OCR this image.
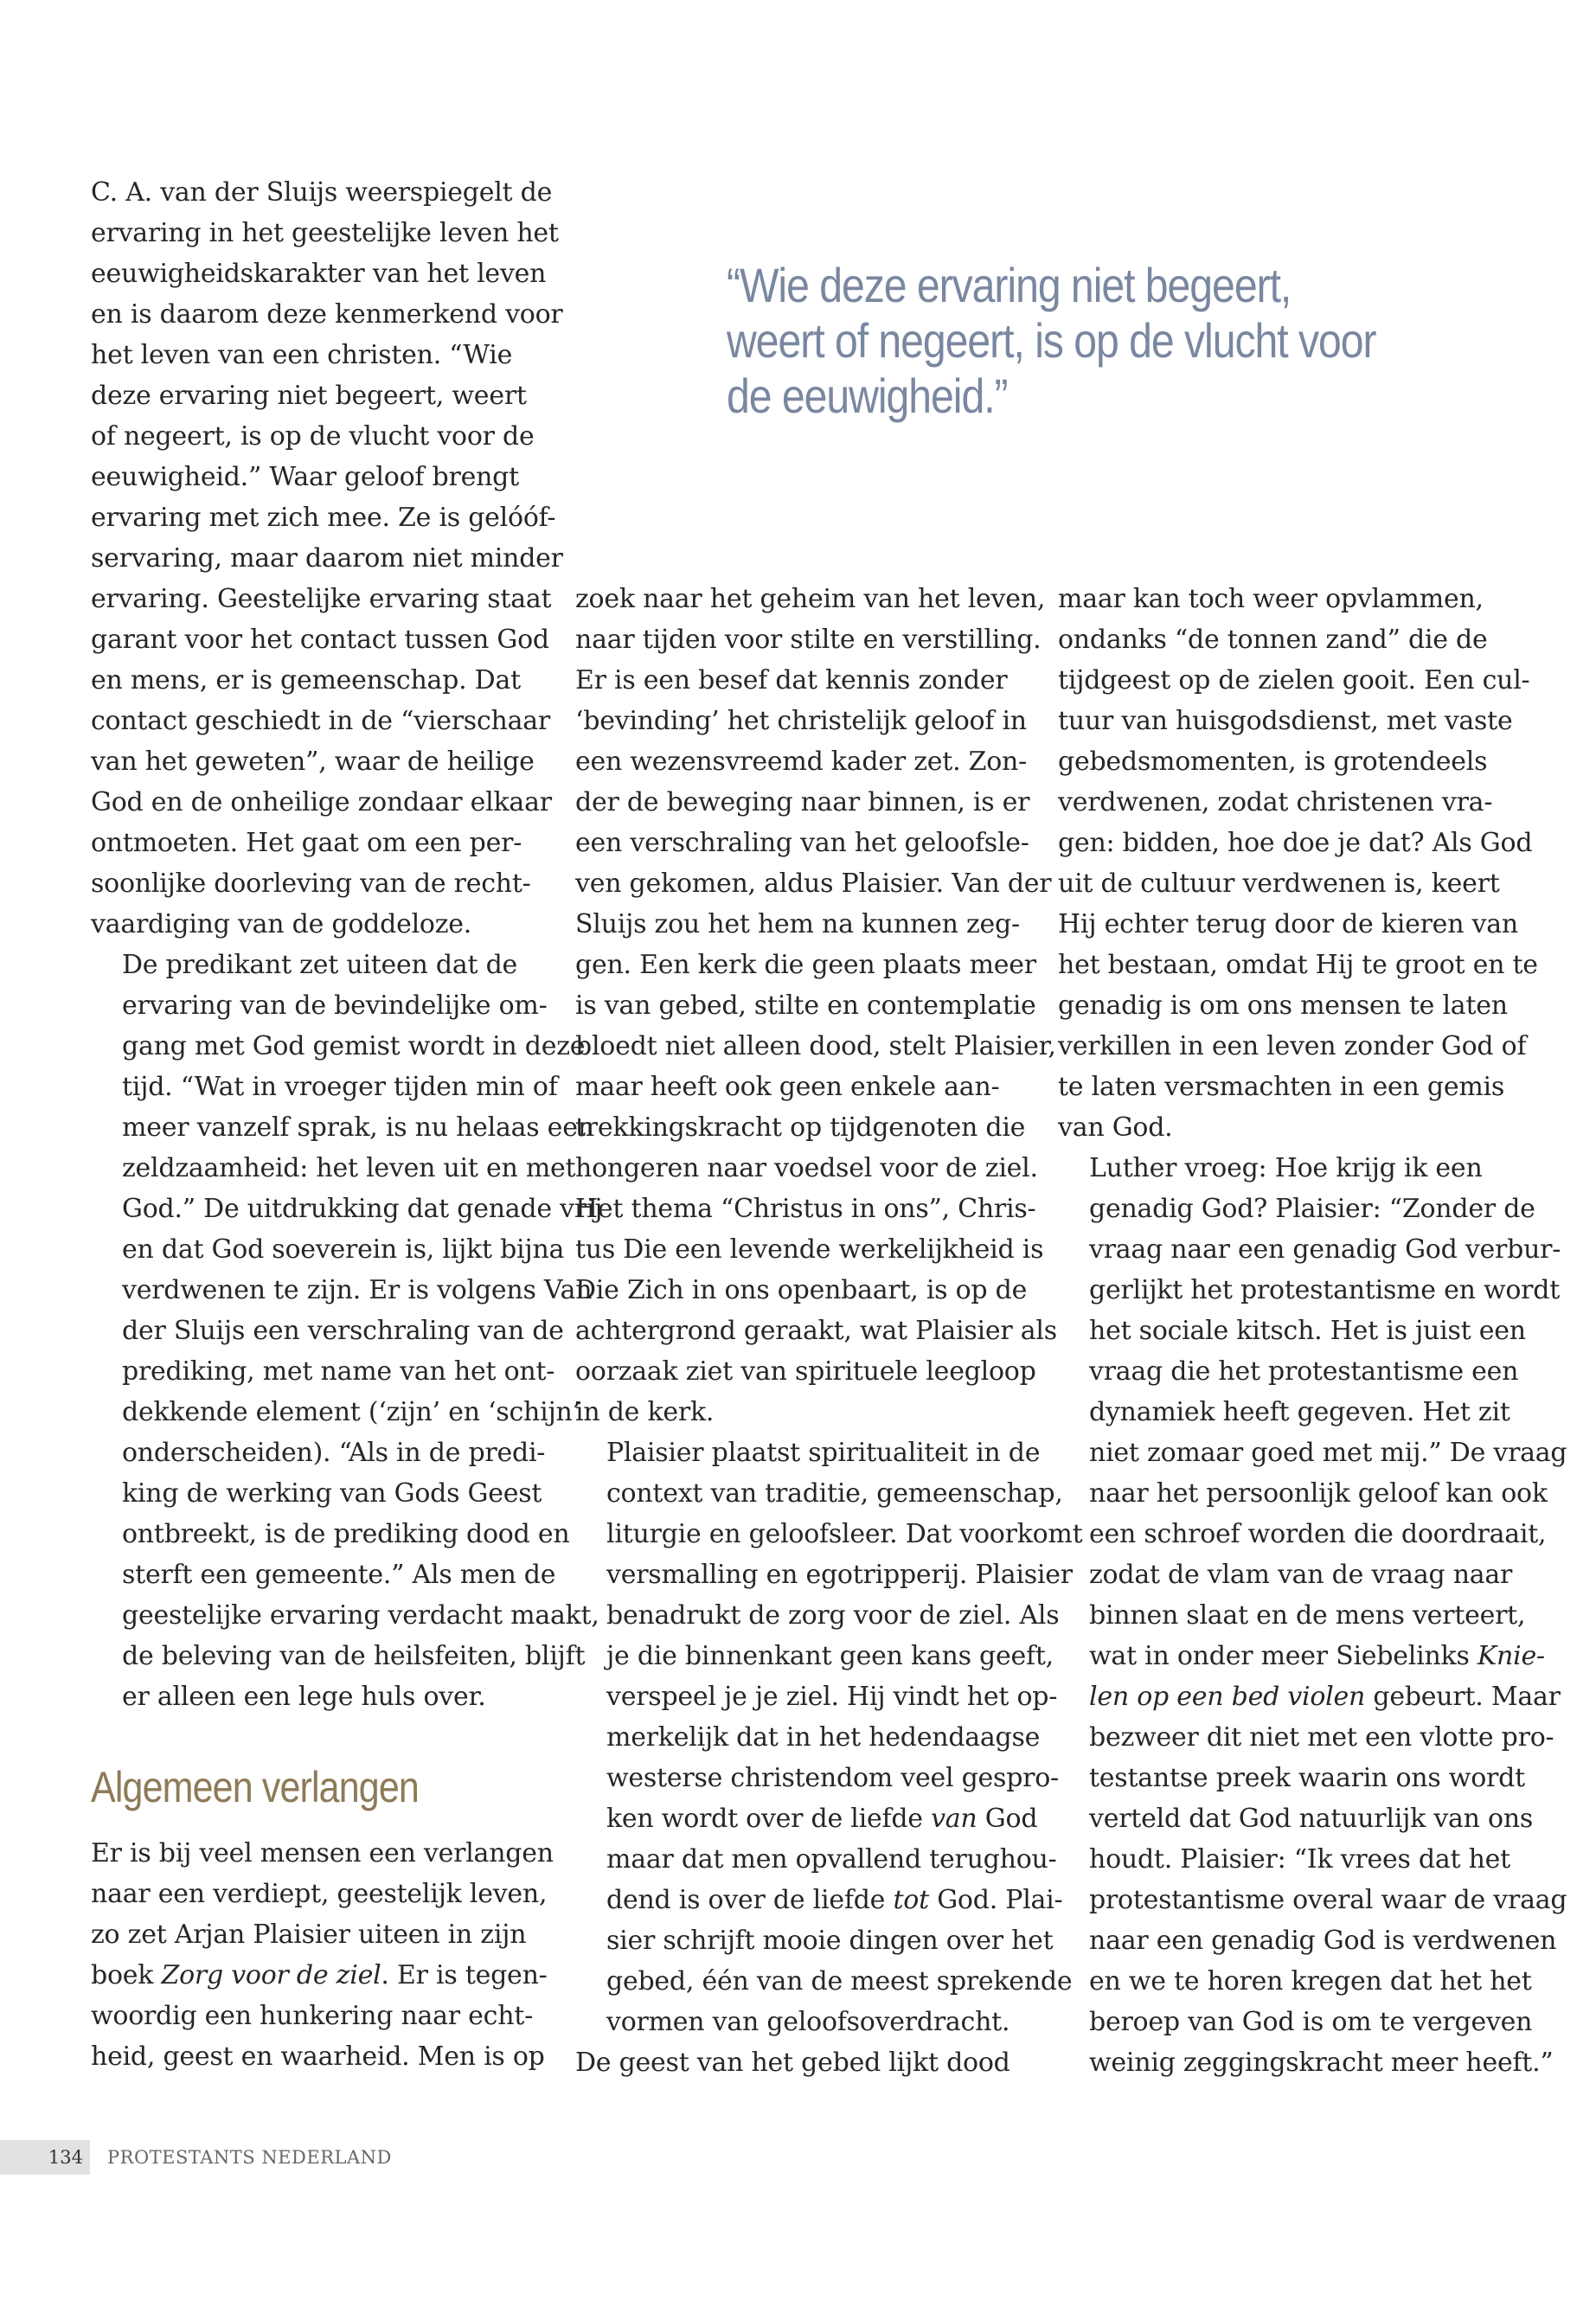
“Wie deze ervaring niet begeert,
weert of negeert, is op de vlucht voor
de eeuwigheid.”

C. A. van der Sluijs weerspiegelt de
ervaring in het geestelijke leven het
eeuwigheidskarakter van het leven
en is daarom deze kenmerkend voor
het leven van een christen. “Wie
deze ervaring niet begeert, weert
of negeert, is op de vlucht voor de
eeuwigheid.” Waar geloof brengt
ervaring met zich mee. Ze is gelóóf-
servaring, maar daarom niet minder
ervaring. Geestelijke ervaring staat
garant voor het contact tussen God
en mens, er is gemeenschap. Dat
contact geschiedt in de “vierschaar
van het geweten”, waar de heilige
God en de onheilige zondaar elkaar
ontmoeten. Het gaat om een per-
soonlijke doorleving van de recht-
vaardiging van de goddeloze.

De predikant zet uiteen dat de
ervaring van de bevindelijke om-
gang met God gemist wordt in deze
tijd. “Wat in vroeger tijden min of
meer vanzelf sprak, is nu helaas een
zeldzaamheid: het leven uit en met
God.” De uitdrukking dat genade vrij
en dat God soeverein is, lijkt bijna
verdwenen te zijn. Er is volgens Van
der Sluijs een verschraling van de
prediking, met name van het ont-
dekkende element (‘zijn’ en ‘schijn’
onderscheiden). “Als in de predi-
king de werking van Gods Geest
ontbreekt, is de prediking dood en
sterft een gemeente.” Als men de
geestelijke ervaring verdacht maakt,
de beleving van de heilsfeiten, blijft
er alleen een lege huls over.

Algemeen verlangen

Er is bij veel mensen een verlangen
naar een verdiept, geestelijk leven,
zo zet Arjan Plaisier uiteen in zijn
boek Zorg voor de ziel. Er is tegen-
woordig een hunkering naar echt-
heid, geest en waarheid. Men is op

zoek naar het geheim van het leven,
naar tijden voor stilte en verstilling.
Er is een besef dat kennis zonder
‘bevinding’ het christelijk geloof in
een wezensvreemd kader zet. Zon-
der de beweging naar binnen, is er
een verschraling van het geloofsle-
ven gekomen, aldus Plaisier. Van der
Sluijs zou het hem na kunnen zeg-
gen. Een kerk die geen plaats meer
is van gebed, stilte en contemplatie
bloedt niet alleen dood, stelt Plaisier,
maar heeft ook geen enkele aan-
trekkingskracht op tijdgenoten die
hongeren naar voedsel voor de ziel.
Het thema “Christus in ons”, Chris-
tus Die een levende werkelijkheid is
Die Zich in ons openbaart, is op de
achtergrond geraakt, wat Plaisier als
oorzaak ziet van spirituele leegloop
in de kerk.

Plaisier plaatst spiritualiteit in de
context van traditie, gemeenschap,
liturgie en geloofsleer. Dat voorkomt
versmalling en egotripperij. Plaisier
benadrukt de zorg voor de ziel. Als
je die binnenkant geen kans geeft,
verspeel je je ziel. Hij vindt het op-
merkelijk dat in het hedendaagse
westerse christendom veel gespro-
ken wordt over de liefde van God
maar dat men opvallend terughou-
dend is over de liefde tot God. Plai-
sier schrijft mooie dingen over het
gebed, één van de meest sprekende
vormen van geloofsoverdracht.

De geest van het gebed lijkt dood

maar kan toch weer opvlammen,
ondanks “de tonnen zand” die de
tijdgeest op de zielen gooit. Een cul-
tuur van huisgodsdienst, met vaste
gebedsmomenten, is grotendeels
verdwenen, zodat christenen vra-
gen: bidden, hoe doe je dat? Als God
uit de cultuur verdwenen is, keert
Hij echter terug door de kieren van
het bestaan, omdat Hij te groot en te
genadig is om ons mensen te laten
verkillen in een leven zonder God of
te laten versmachten in een gemis
van God.

Luther vroeg: Hoe krijg ik een
genadig God? Plaisier: “Zonder de
vraag naar een genadig God verbur-
gerlijkt het protestantisme en wordt
het sociale kitsch. Het is juist een
vraag die het protestantisme een
dynamiek heeft gegeven. Het zit
niet zomaar goed met mij.” De vraag
naar het persoonlijk geloof kan ook
een schroef worden die doordraait,
zodat de vlam van de vraag naar
binnen slaat en de mens verteert,
wat in onder meer Siebelinks Knie-
len op een bed violen gebeurt. Maar
bezweer dit niet met een vlotte pro-
testantse preek waarin ons wordt
verteld dat God natuurlijk van ons
houdt. Plaisier: “Ik vrees dat het
protestantisme overal waar de vraag
naar een genadig God is verdwenen
en we te horen kregen dat het het
beroep van God is om te vergeven
weinig zeggingskracht meer heeft.”

134	PROTESTANTS NEDERLAND
